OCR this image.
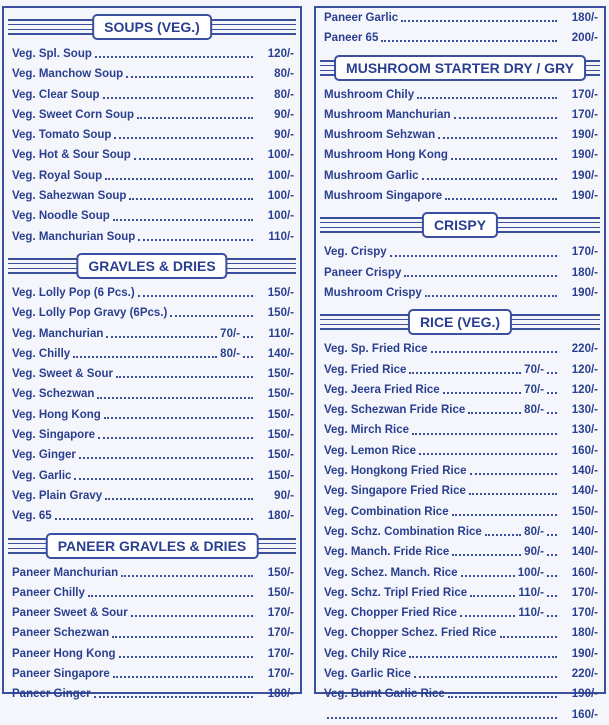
SOUPS (VEG.)
Veg. Spl. Soup	120/-
Veg. Manchow Soup	80/-
Veg. Clear Soup	80/-
Veg. Sweet Corn Soup	90/-
Veg. Tomato Soup	90/-
Veg. Hot & Sour Soup	100/-
Veg. Royal Soup	100/-
Veg. Sahezwan Soup	100/-
Veg. Noodle Soup	100/-
Veg. Manchurian Soup	110/-
GRAVLES & DRIES
Veg. Lolly Pop (6 Pcs.)	150/-
Veg. Lolly Pop Gravy (6Pcs.)	150/-
Veg. Manchurian	70/-	110/-
Veg. Chilly	80/-	140/-
Veg. Sweet & Sour	150/-
Veg. Schezwan	150/-
Veg. Hong Kong	150/-
Veg. Singapore	150/-
Veg. Ginger	150/-
Veg. Garlic	150/-
Veg. Plain Gravy	90/-
Veg. 65	180/-
PANEER GRAVLES & DRIES
Paneer Manchurian	150/-
Paneer Chilly	150/-
Paneer Sweet & Sour	170/-
Paneer Schezwan	170/-
Paneer Hong Kong	170/-
Paneer Singapore	170/-
Paneer Ginger	180/-
Paneer Garlic	180/-
Paneer 65	200/-
MUSHROOM STARTER DRY / GRY
Mushroom Chily	170/-
Mushroom Manchurian	170/-
Mushroom Sehzwan	190/-
Mushroom Hong Kong	190/-
Mushroom Garlic	190/-
Mushroom Singapore	190/-
CRISPY
Veg. Crispy	170/-
Paneer Crispy	180/-
Mushroom Crispy	190/-
RICE (VEG.)
Veg. Sp. Fried Rice	220/-
Veg. Fried Rice	70/-	120/-
Veg. Jeera Fried Rice	70/-	120/-
Veg. Schezwan Fride Rice	80/-	130/-
Veg. Mirch Rice	130/-
Veg. Lemon Rice	160/-
Veg. Hongkong Fried Rice	140/-
Veg. Singapore Fried Rice	140/-
Veg. Combination Rice	150/-
Veg. Schz. Combination Rice	80/-	140/-
Veg. Manch. Fride Rice	90/-	140/-
Veg. Schez. Manch. Rice	100/-	160/-
Veg. Schz. Tripl Fried Rice	110/-	170/-
Veg. Chopper Fried Rice	110/-	170/-
Veg. Chopper Schez. Fried Rice	180/-
Veg. Chily Rice	190/-
Veg. Garlic Rice	220/-
Veg. Burnt Garlic Rice	190/-
160/-
